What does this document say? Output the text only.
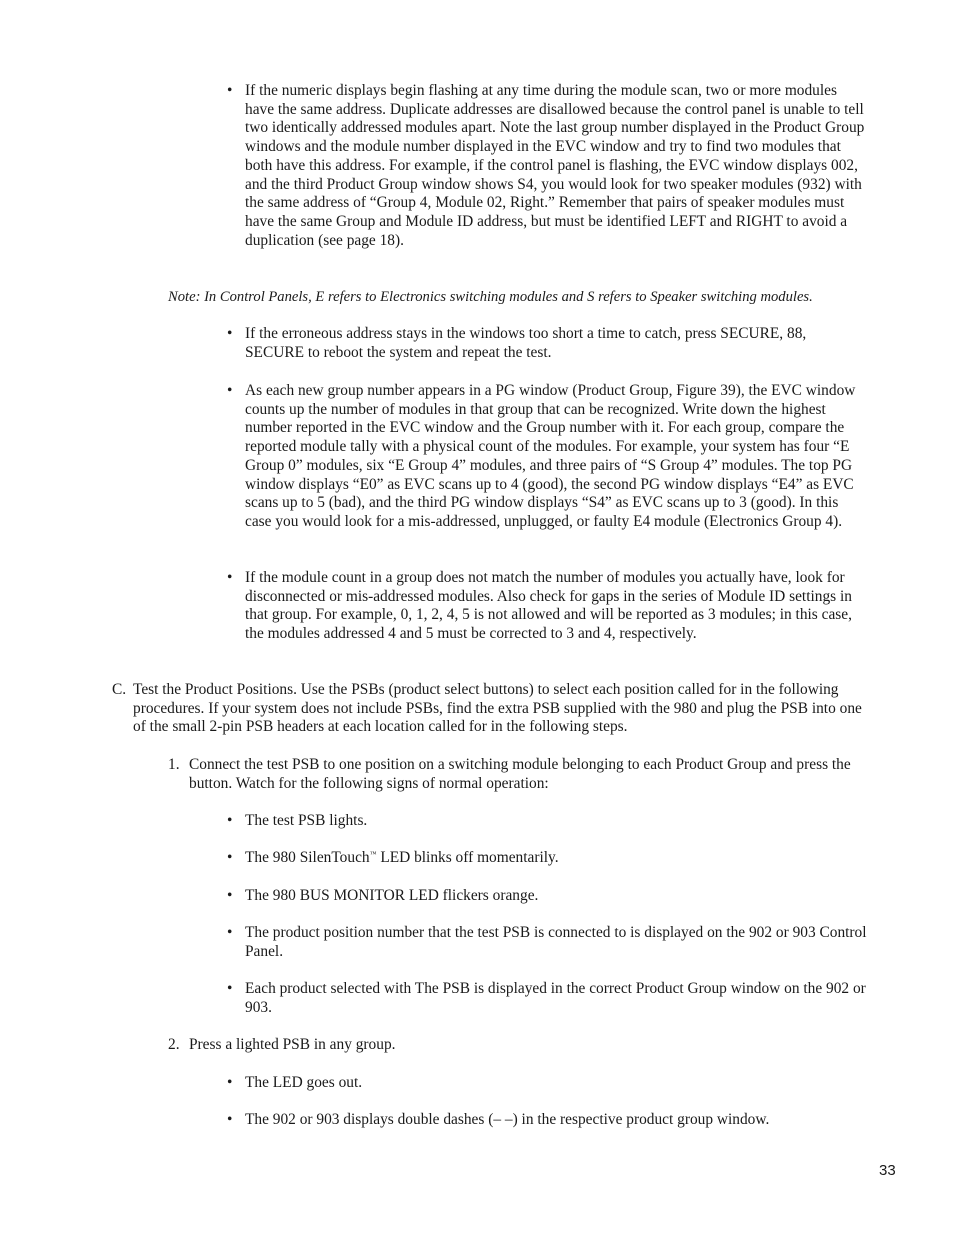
• If the numeric displays begin flashing at any time during the module scan, two or more modules have the same address. Duplicate addresses are disallowed because the control panel is unable to tell two identically addressed modules apart. Note the last group number displayed in the Product Group windows and the module number displayed in the EVC window and try to find two modules that both have this address. For example, if the control panel is flashing, the EVC window displays 002, and the third Product Group window shows S4, you would look for two speaker modules (932) with the same address of “Group 4, Module 02, Right.” Remember that pairs of speaker modules must have the same Group and Module ID address, but must be identified LEFT and RIGHT to avoid a duplication (see page 18).

Note: In Control Panels, E refers to Electronics switching modules and S refers to Speaker switching modules.

• If the erroneous address stays in the windows too short a time to catch, press SECURE, 88, SECURE to reboot the system and repeat the test.
• As each new group number appears in a PG window (Product Group, Figure 39), the EVC window counts up the number of modules in that group that can be recognized. Write down the highest number reported in the EVC window and the Group number with it. For each group, compare the reported module tally with a physical count of the modules. For example, your system has four “E Group 0” modules, six “E Group 4” modules, and three pairs of “S Group 4” modules. The top PG window displays “E0” as EVC scans up to 4 (good), the second PG window displays “E4” as EVC scans up to 5 (bad), and the third PG window displays “S4” as EVC scans up to 3 (good). In this case you would look for a mis-addressed, unplugged, or faulty E4 module (Electronics Group 4).
• If the module count in a group does not match the number of modules you actually have, look for disconnected or mis-addressed modules. Also check for gaps in the series of Module ID settings in that group. For example, 0, 1, 2, 4, 5 is not allowed and will be reported as 3 modules; in this case, the modules addressed 4 and 5 must be corrected to 3 and 4, respectively.
C. Test the Product Positions. Use the PSBs (product select buttons) to select each position called for in the following procedures. If your system does not include PSBs, find the extra PSB supplied with the 980 and plug the PSB into one of the small 2-pin PSB headers at each location called for in the following steps.
1. Connect the test PSB to one position on a switching module belonging to each Product Group and press the button. Watch for the following signs of normal operation:
• The test PSB lights.
• The 980 SilenTouch™ LED blinks off momentarily.
• The 980 BUS MONITOR LED flickers orange.
• The product position number that the test PSB is connected to is displayed on the 902 or 903 Control Panel.
• Each product selected with The PSB is displayed in the correct Product Group window on the 902 or 903.
2. Press a lighted PSB in any group.
• The LED goes out.
• The 902 or 903 displays double dashes (– –) in the respective product group window.
33
